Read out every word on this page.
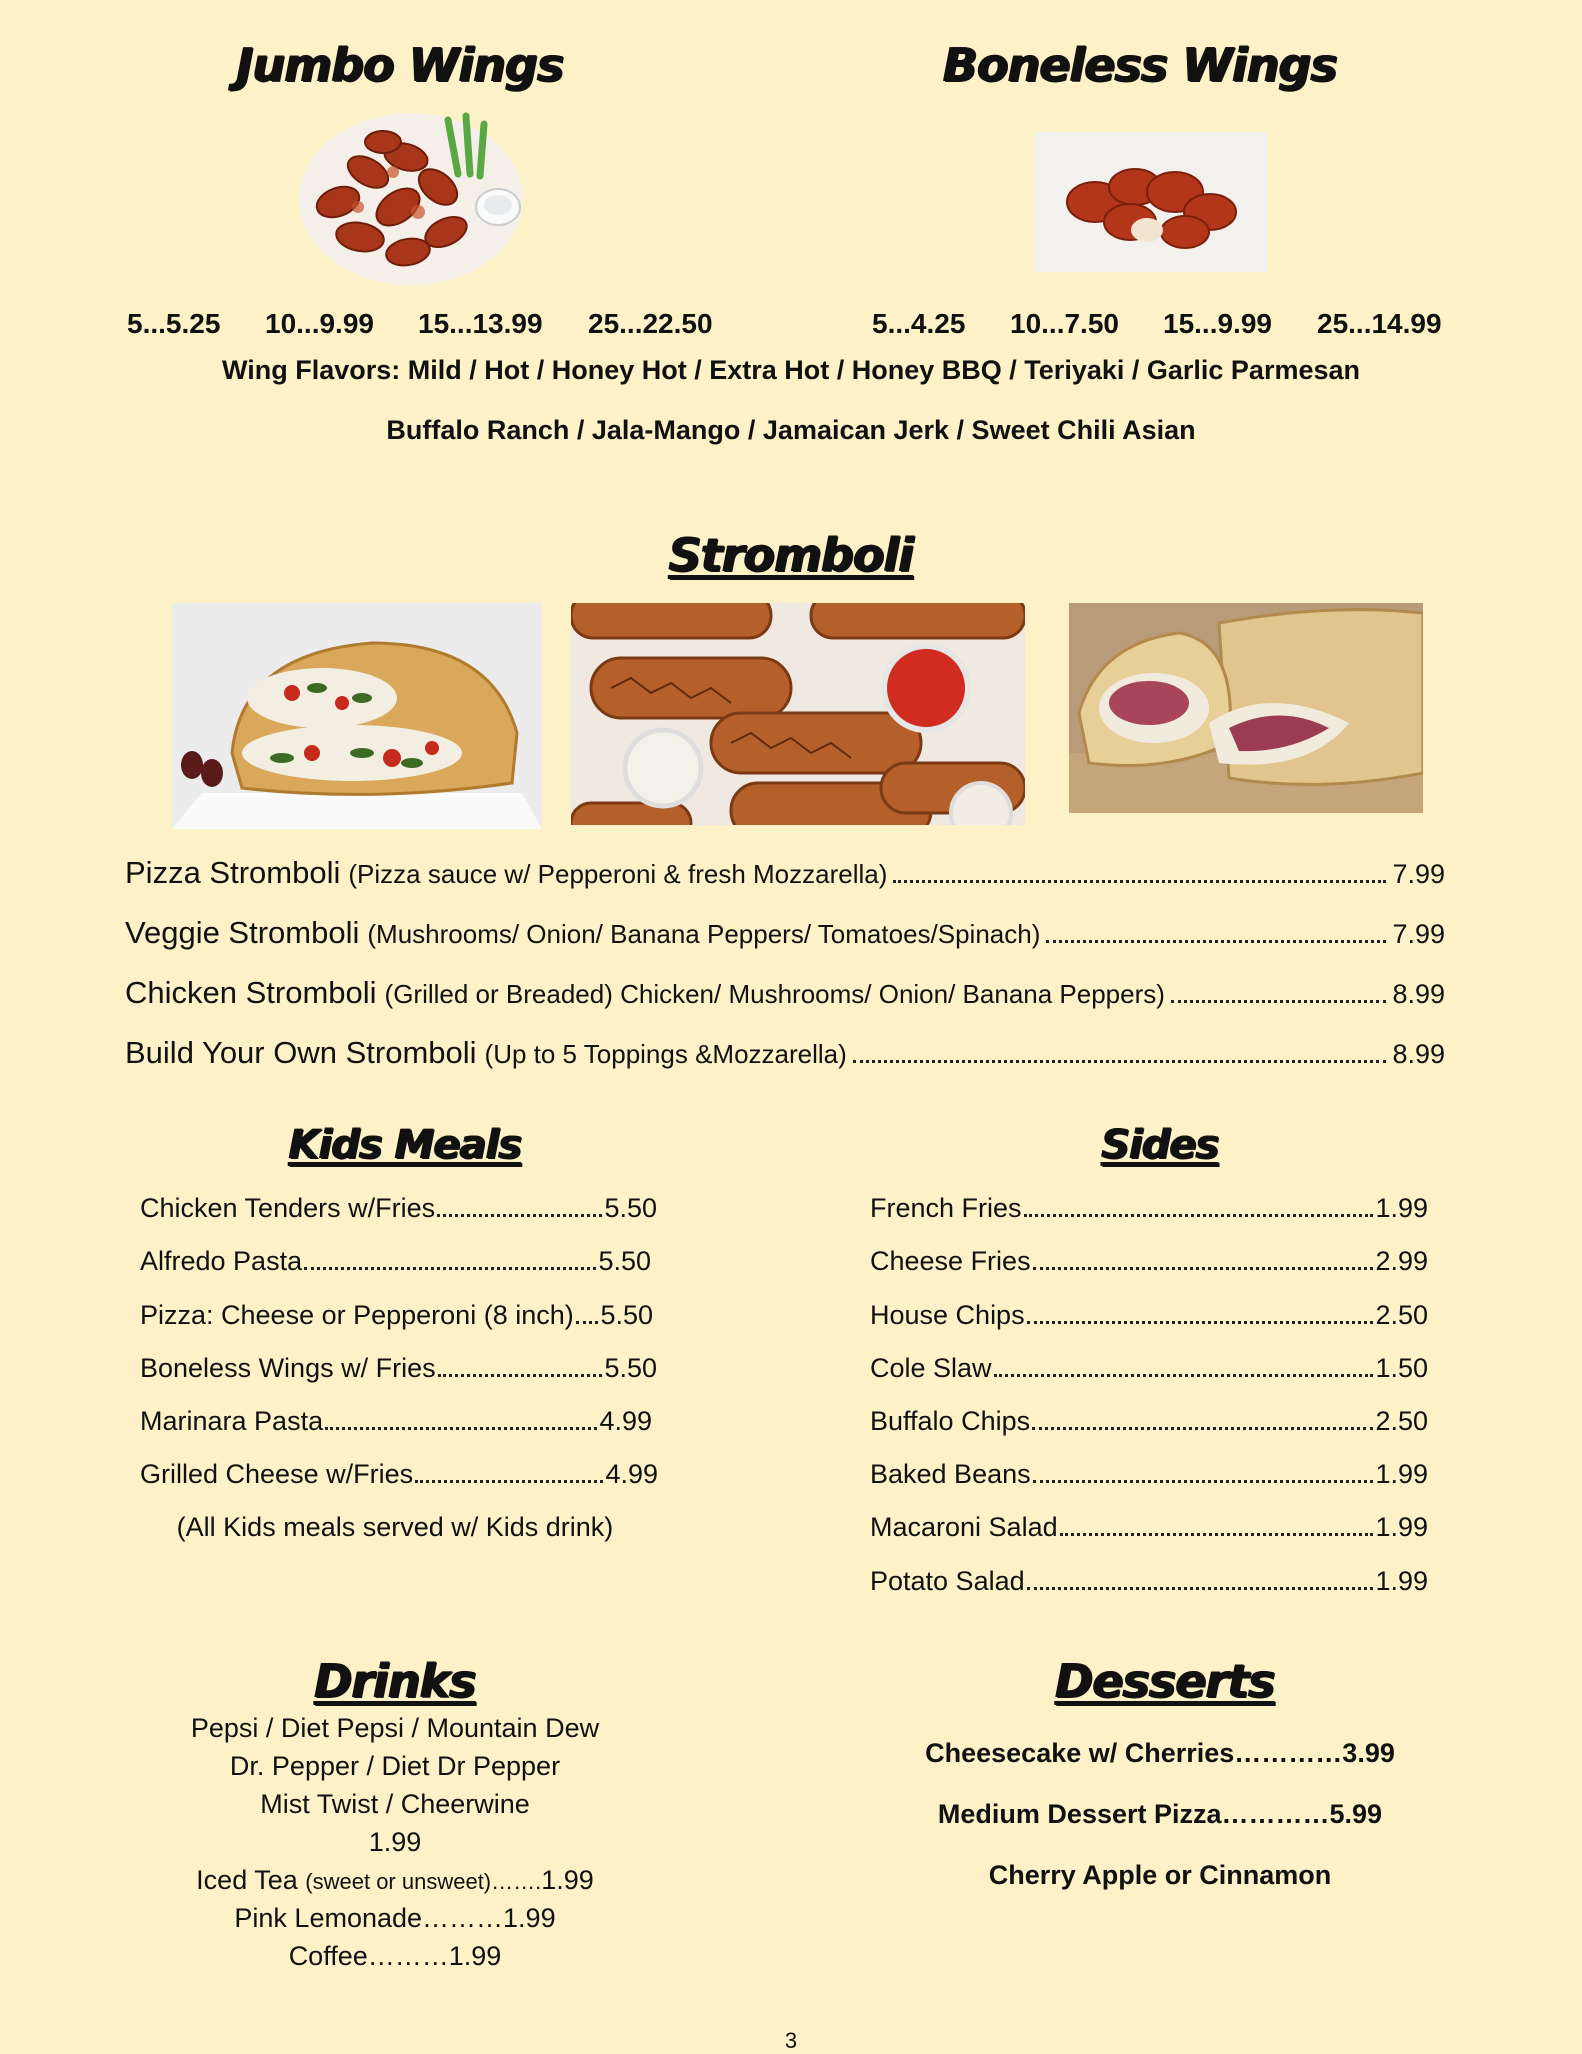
Jumbo Wings	Boneless Wings
5...5.25 10...9.99 15...13.99 25...22.50	5...4.25 10...7.50 15...9.99 25...14.99
Wing Flavors: Mild / Hot / Honey Hot / Extra Hot / Honey BBQ / Teriyaki / Garlic Parmesan
Buffalo Ranch / Jala-Mango / Jamaican Jerk / Sweet Chili Asian
Stromboli
Pizza Stromboli (Pizza sauce w/ Pepperoni & fresh Mozzarella)	7.99
Veggie Stromboli (Mushrooms/ Onion/ Banana Peppers/ Tomatoes/Spinach)	7.99
Chicken Stromboli (Grilled or Breaded) Chicken/ Mushrooms/ Onion/ Banana Peppers)	8.99
Build Your Own Stromboli (Up to 5 Toppings &Mozzarella)	8.99
Kids Meals
Chicken Tenders w/Fries	5.50
Alfredo Pasta	5.50
Pizza: Cheese or Pepperoni (8 inch) 5.50
Boneless Wings w/ Fries	5.50
Marinara Pasta	4.99
Grilled Cheese w/Fries	4.99
(All Kids meals served w/ Kids drink)
Sides
French Fries	1.99
Cheese Fries	2.99
House Chips	2.50
Cole Slaw	1.50
Buffalo Chips	2.50
Baked Beans	1.99
Macaroni Salad	1.99
Potato Salad	1.99
Drinks
Pepsi / Diet Pepsi / Mountain Dew
Dr. Pepper / Diet Dr Pepper
Mist Twist / Cheerwine
1.99
Iced Tea (sweet or unsweet)…….1.99
Pink Lemonade………1.99
Coffee………1.99
Desserts
Cheesecake w/ Cherries…………3.99
Medium Dessert Pizza…………5.99
Cherry Apple or Cinnamon
3
